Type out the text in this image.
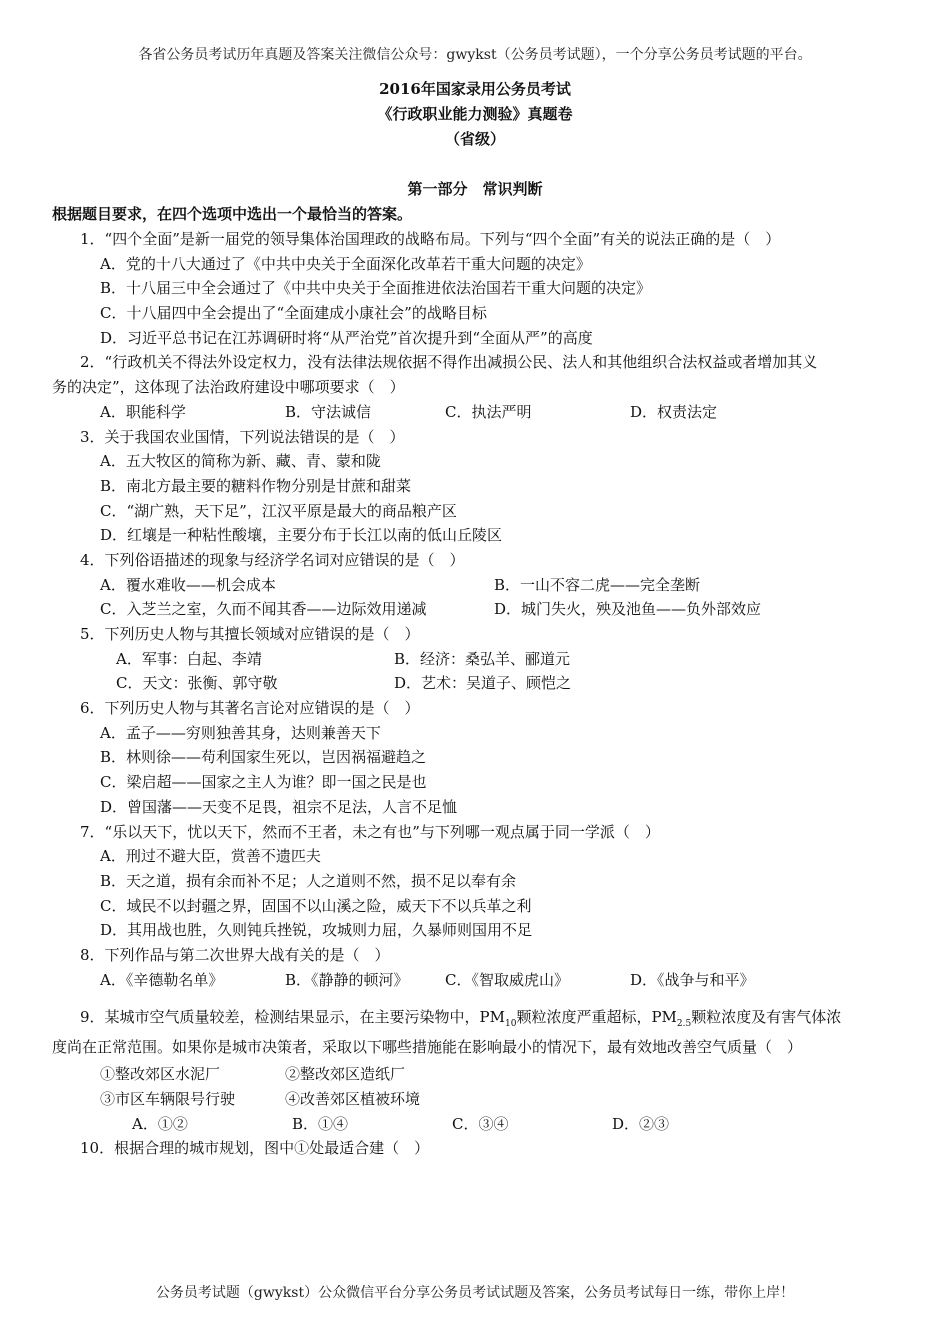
各省公务员考试历年真题及答案关注微信公众号：gwykst（公务员考试题），一个分享公务员考试题的平台。
2016年国家录用公务员考试
《行政职业能力测验》真题卷
（省级）
第一部分　常识判断
根据题目要求，在四个选项中选出一个最恰当的答案。
1．“四个全面”是新一届党的领导集体治国理政的战略布局。下列与“四个全面”有关的说法正确的是（　）
A．党的十八大通过了《中共中央关于全面深化改革若干重大问题的决定》
B．十八届三中全会通过了《中共中央关于全面推进依法治国若干重大问题的决定》
C．十八届四中全会提出了“全面建成小康社会”的战略目标
D．习近平总书记在江苏调研时将“从严治党”首次提升到“全面从严”的高度
2．“行政机关不得法外设定权力，没有法律法规依据不得作出减损公民、法人和其他组织合法权益或者增加其义
务的决定”，这体现了法治政府建设中哪项要求（　）
A．职能科学	B．守法诚信	C．执法严明	D．权责法定
3．关于我国农业国情，下列说法错误的是（　）
A．五大牧区的简称为新、藏、青、蒙和陇
B．南北方最主要的糖料作物分别是甘蔗和甜菜
C．“湖广熟，天下足”，江汉平原是最大的商品粮产区
D．红壤是一种粘性酸壤，主要分布于长江以南的低山丘陵区
4．下列俗语描述的现象与经济学名词对应错误的是（　）
A．覆水难收——机会成本	B．一山不容二虎——完全垄断
C．入芝兰之室，久而不闻其香——边际效用递减	D．城门失火，殃及池鱼——负外部效应
5．下列历史人物与其擅长领域对应错误的是（　）
A．军事：白起、李靖	B．经济：桑弘羊、郦道元
C．天文：张衡、郭守敬	D．艺术：吴道子、顾恺之
6．下列历史人物与其著名言论对应错误的是（　）
A．孟子——穷则独善其身，达则兼善天下
B．林则徐——苟利国家生死以，岂因祸福避趋之
C．梁启超——国家之主人为谁？即一国之民是也
D．曾国藩——天变不足畏，祖宗不足法，人言不足恤
7．“乐以天下，忧以天下，然而不王者，未之有也”与下列哪一观点属于同一学派（　）
A．刑过不避大臣，赏善不遗匹夫
B．天之道，损有余而补不足；人之道则不然，损不足以奉有余
C．域民不以封疆之界，固国不以山溪之险，威天下不以兵革之利
D．其用战也胜，久则钝兵挫锐，攻城则力屈，久暴师则国用不足
8．下列作品与第二次世界大战有关的是（　）
A．《辛德勒名单》	B．《静静的顿河》 C．《智取威虎山》	D．《战争与和平》
9．某城市空气质量较差，检测结果显示，在主要污染物中，$PM_{10}$颗粒浓度严重超标，$PM_{2.5}$颗粒浓度及有害气体浓
度尚在正常范围。如果你是城市决策者，采取以下哪些措施能在影响最小的情况下，最有效地改善空气质量（　）
①整改郊区水泥厂	②整改郊区造纸厂
③市区车辆限号行驶	④改善郊区植被环境
A．①②	B．①④	C．③④	D．②③
10．根据合理的城市规划，图中①处最适合建（　）
公务员考试题（gwykst）公众微信平台分享公务员考试试题及答案，公务员考试每日一练，带你上岸！
